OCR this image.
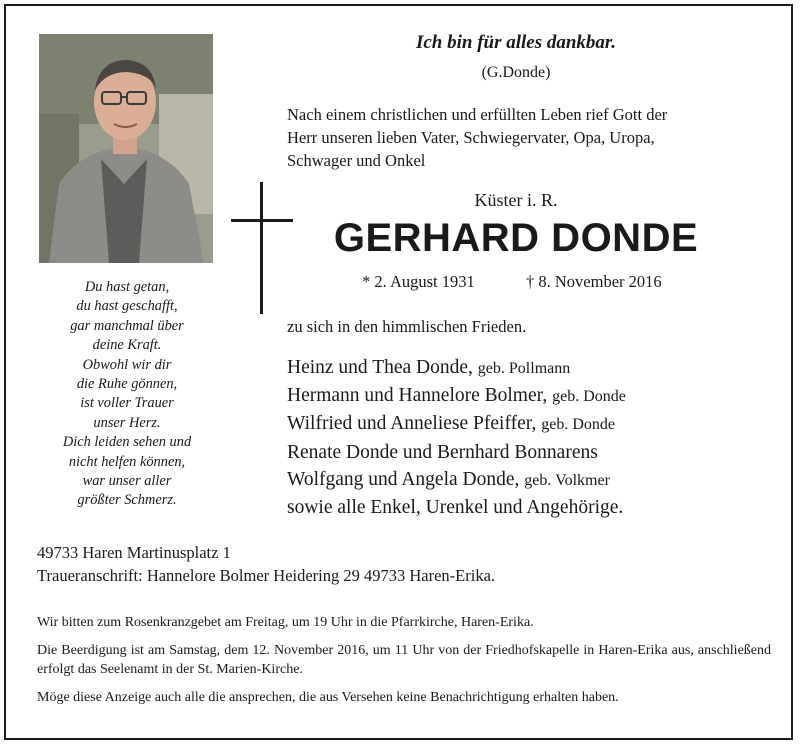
Du hast getan,
du hast geschafft,
gar manchmal über
deine Kraft.
Obwohl wir dir
die Ruhe gönnen,
ist voller Trauer
unser Herz.
Dich leiden sehen und
nicht helfen können,
war unser aller
größter Schmerz.
Ich bin für alles dankbar.
(G.Donde)
Nach einem christlichen und erfüllten Leben rief Gott der
Herr unseren lieben Vater, Schwiegervater, Opa, Uropa,
Schwager und Onkel
Küster i. R.
GERHARD DONDE
* 2. August 1931	† 8. November 2016
zu sich in den himmlischen Frieden.
Heinz und Thea Donde, geb. Pollmann
Hermann und Hannelore Bolmer, geb. Donde
Wilfried und Anneliese Pfeiffer, geb. Donde
Renate Donde und Bernhard Bonnarens
Wolfgang und Angela Donde, geb. Volkmer
sowie alle Enkel, Urenkel und Angehörige.
49733 Haren Martinusplatz 1
Traueranschrift: Hannelore Bolmer Heidering 29 49733 Haren-Erika.

Wir bitten zum Rosenkranzgebet am Freitag, um 19 Uhr in die Pfarrkirche, Haren-Erika.

Die Beerdigung ist am Samstag, dem 12. November 2016, um 11 Uhr von der Friedhofskapelle in Haren-Erika aus, anschließend erfolgt das Seelenamt in der St. Marien-Kirche.

Möge diese Anzeige auch alle die ansprechen, die aus Versehen keine Benachrichtigung erhalten haben.
